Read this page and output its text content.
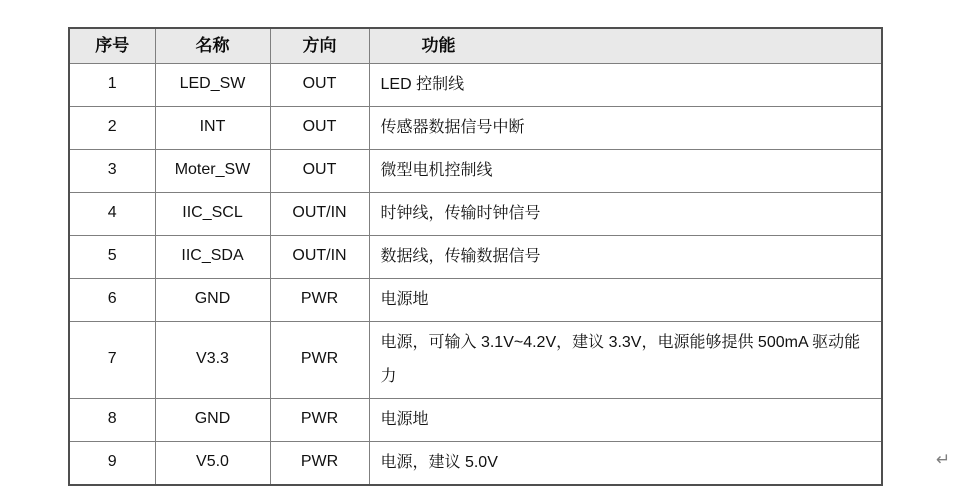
序号	名称	方向	功能
1	LED_SW	OUT	LED 控制线
2	INT	OUT	传感器数据信号中断
3	Moter_SW	OUT	微型电机控制线
4	IIC_SCL	OUT/IN	时钟线，传输时钟信号
5	IIC_SDA	OUT/IN	数据线，传输数据信号
6	GND	PWR	电源地
7	V3.3	PWR	电源，可输入 3.1V~4.2V，建议 3.3V，电源能够提供 500mA 驱动能力
8	GND	PWR	电源地
9	V5.0	PWR	电源，建议 5.0V	↵
